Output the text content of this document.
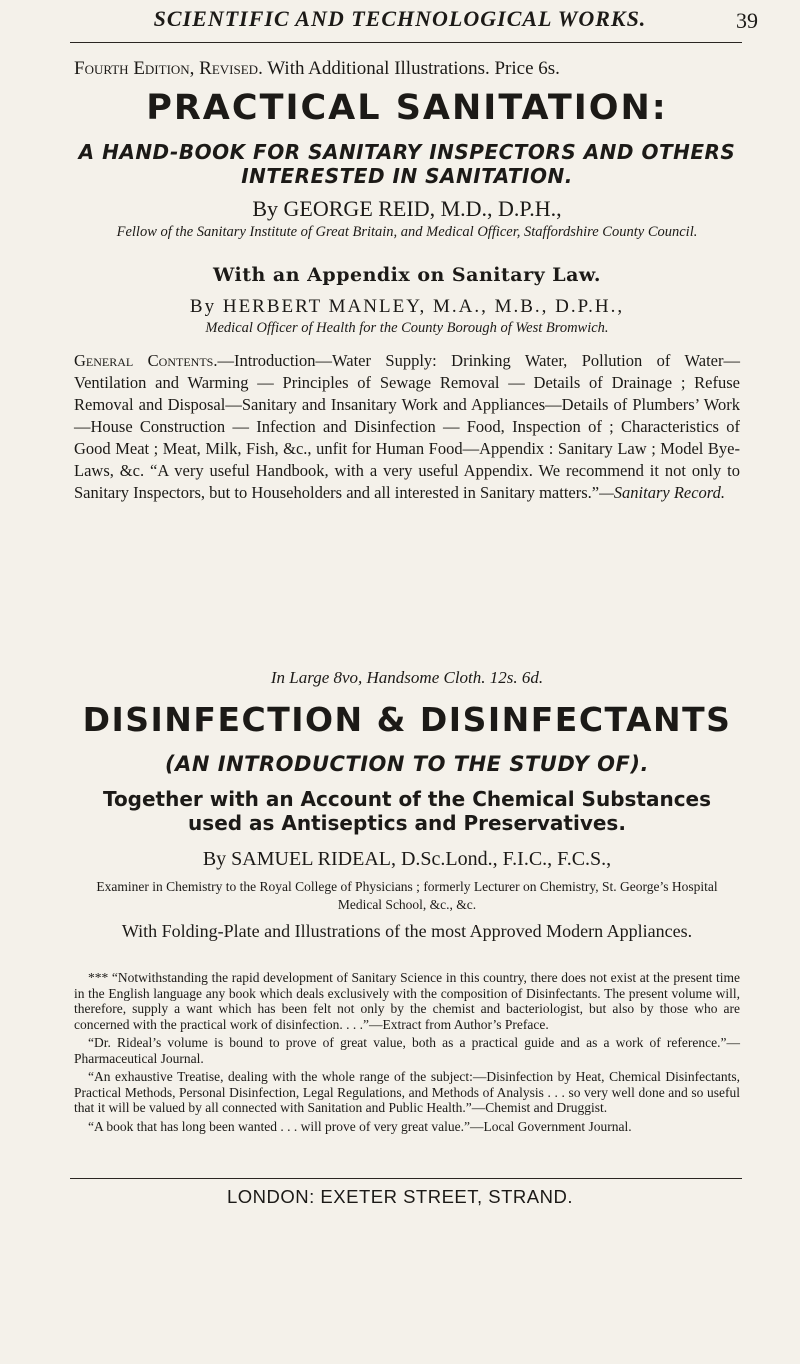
SCIENTIFIC AND TECHNOLOGICAL WORKS.	39
Fourth Edition, Revised. With Additional Illustrations. Price 6s.
PRACTICAL SANITATION:
A HAND-BOOK FOR SANITARY INSPECTORS AND OTHERS INTERESTED IN SANITATION.
By GEORGE REID, M.D., D.P.H.,
Fellow of the Sanitary Institute of Great Britain, and Medical Officer, Staffordshire County Council.
With an Appendix on Sanitary Law.
By HERBERT MANLEY, M.A., M.B., D.P.H.,
Medical Officer of Health for the County Borough of West Bromwich.
General Contents.—Introduction—Water Supply: Drinking Water, Pollution of Water—Ventilation and Warming — Principles of Sewage Removal — Details of Drainage ; Refuse Removal and Disposal—Sanitary and Insanitary Work and Appliances—Details of Plumbers’ Work—House Construction — Infection and Disinfection — Food, Inspection of ; Characteristics of Good Meat ; Meat, Milk, Fish, &c., unfit for Human Food—Appendix : Sanitary Law ; Model Bye-Laws, &c. “A very useful Handbook, with a very useful Appendix. We recommend it not only to Sanitary Inspectors, but to Householders and all interested in Sanitary matters.”—Sanitary Record.
In Large 8vo, Handsome Cloth. 12s. 6d.
DISINFECTION & DISINFECTANTS
(AN INTRODUCTION TO THE STUDY OF).
Together with an Account of the Chemical Substances used as Antiseptics and Preservatives.
By SAMUEL RIDEAL, D.Sc.Lond., F.I.C., F.C.S.,
Examiner in Chemistry to the Royal College of Physicians ; formerly Lecturer on Chemistry, St. George’s Hospital Medical School, &c., &c.
With Folding-Plate and Illustrations of the most Approved Modern Appliances.

*** “Notwithstanding the rapid development of Sanitary Science in this country, there does not exist at the present time in the English language any book which deals exclusively with the composition of Disinfectants. The present volume will, therefore, supply a want which has been felt not only by the chemist and bacteriologist, but also by those who are concerned with the practical work of disinfection. . . .”—Extract from Author’s Preface.

“Dr. Rideal’s volume is bound to prove of great value, both as a practical guide and as a work of reference.”—Pharmaceutical Journal.

“An exhaustive Treatise, dealing with the whole range of the subject:—Disinfection by Heat, Chemical Disinfectants, Practical Methods, Personal Disinfection, Legal Regulations, and Methods of Analysis . . . so very well done and so useful that it will be valued by all connected with Sanitation and Public Health.”—Chemist and Druggist.

“A book that has long been wanted . . . will prove of very great value.”—Local Government Journal.

LONDON: EXETER STREET, STRAND.
